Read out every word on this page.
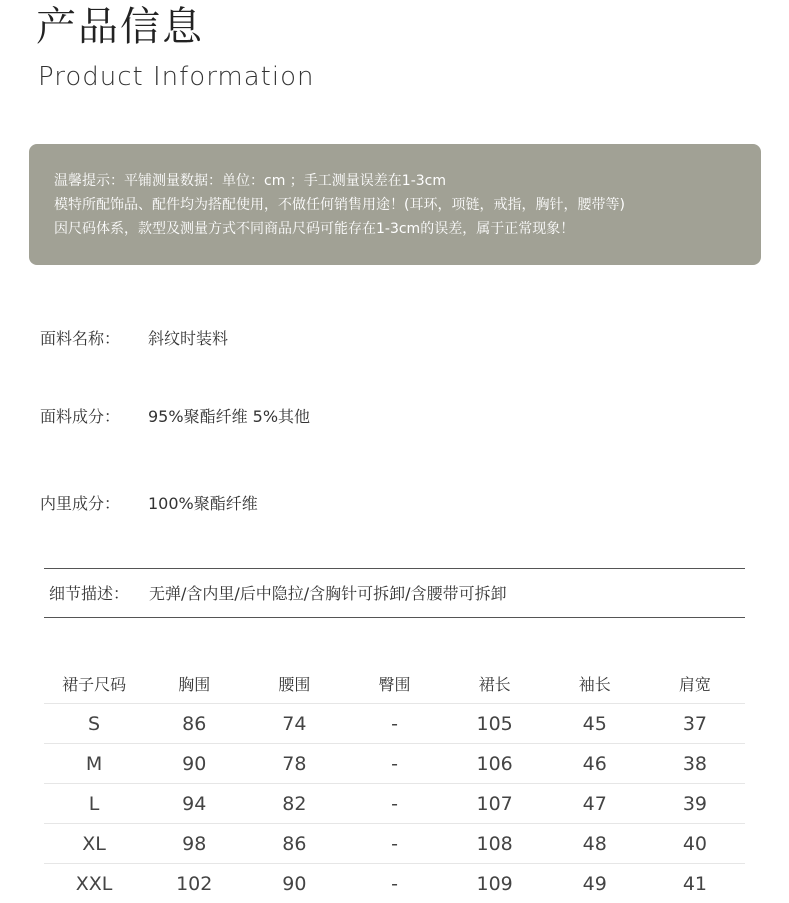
产品信息
Product Information
温馨提示：平铺测量数据：单位：cm ；手工测量误差在1-3cm
模特所配饰品、配件均为搭配使用，不做任何销售用途！(耳环，项链，戒指，胸针，腰带等)
因尺码体系，款型及测量方式不同商品尺码可能存在1-3cm的误差，属于正常现象！
面料名称： 斜纹时装料
面料成分： 95%聚酯纤维 5%其他
内里成分： 100%聚酯纤维
细节描述： 无弹/含内里/后中隐拉/含胸针可拆卸/含腰带可拆卸
裙子尺码	胸围	腰围	臀围	裙长	袖长	肩宽
S	86	74	-	105	45	37
M	90	78	-	106	46	38
L	94	82	-	107	47	39
XL	98	86	-	108	48	40
XXL	102	90	-	109	49	41
